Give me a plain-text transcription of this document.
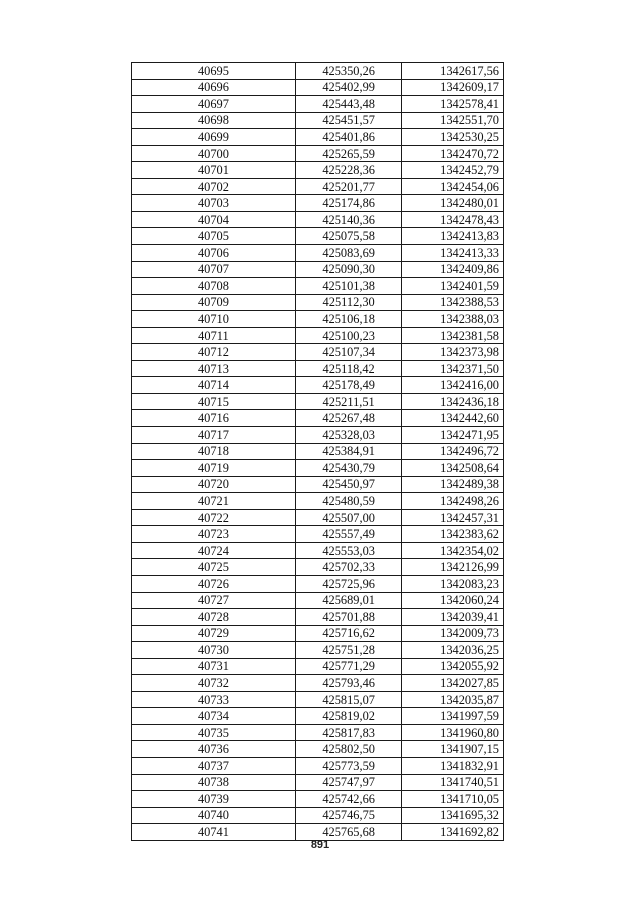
40695	425350,26	1342617,56
40696	425402,99	1342609,17
40697	425443,48	1342578,41
40698	425451,57	1342551,70
40699	425401,86	1342530,25
40700	425265,59	1342470,72
40701	425228,36	1342452,79
40702	425201,77	1342454,06
40703	425174,86	1342480,01
40704	425140,36	1342478,43
40705	425075,58	1342413,83
40706	425083,69	1342413,33
40707	425090,30	1342409,86
40708	425101,38	1342401,59
40709	425112,30	1342388,53
40710	425106,18	1342388,03
40711	425100,23	1342381,58
40712	425107,34	1342373,98
40713	425118,42	1342371,50
40714	425178,49	1342416,00
40715	425211,51	1342436,18
40716	425267,48	1342442,60
40717	425328,03	1342471,95
40718	425384,91	1342496,72
40719	425430,79	1342508,64
40720	425450,97	1342489,38
40721	425480,59	1342498,26
40722	425507,00	1342457,31
40723	425557,49	1342383,62
40724	425553,03	1342354,02
40725	425702,33	1342126,99
40726	425725,96	1342083,23
40727	425689,01	1342060,24
40728	425701,88	1342039,41
40729	425716,62	1342009,73
40730	425751,28	1342036,25
40731	425771,29	1342055,92
40732	425793,46	1342027,85
40733	425815,07	1342035,87
40734	425819,02	1341997,59
40735	425817,83	1341960,80
40736	425802,50	1341907,15
40737	425773,59	1341832,91
40738	425747,97	1341740,51
40739	425742,66	1341710,05
40740	425746,75	1341695,32
40741	425765,68	1341692,82
891
